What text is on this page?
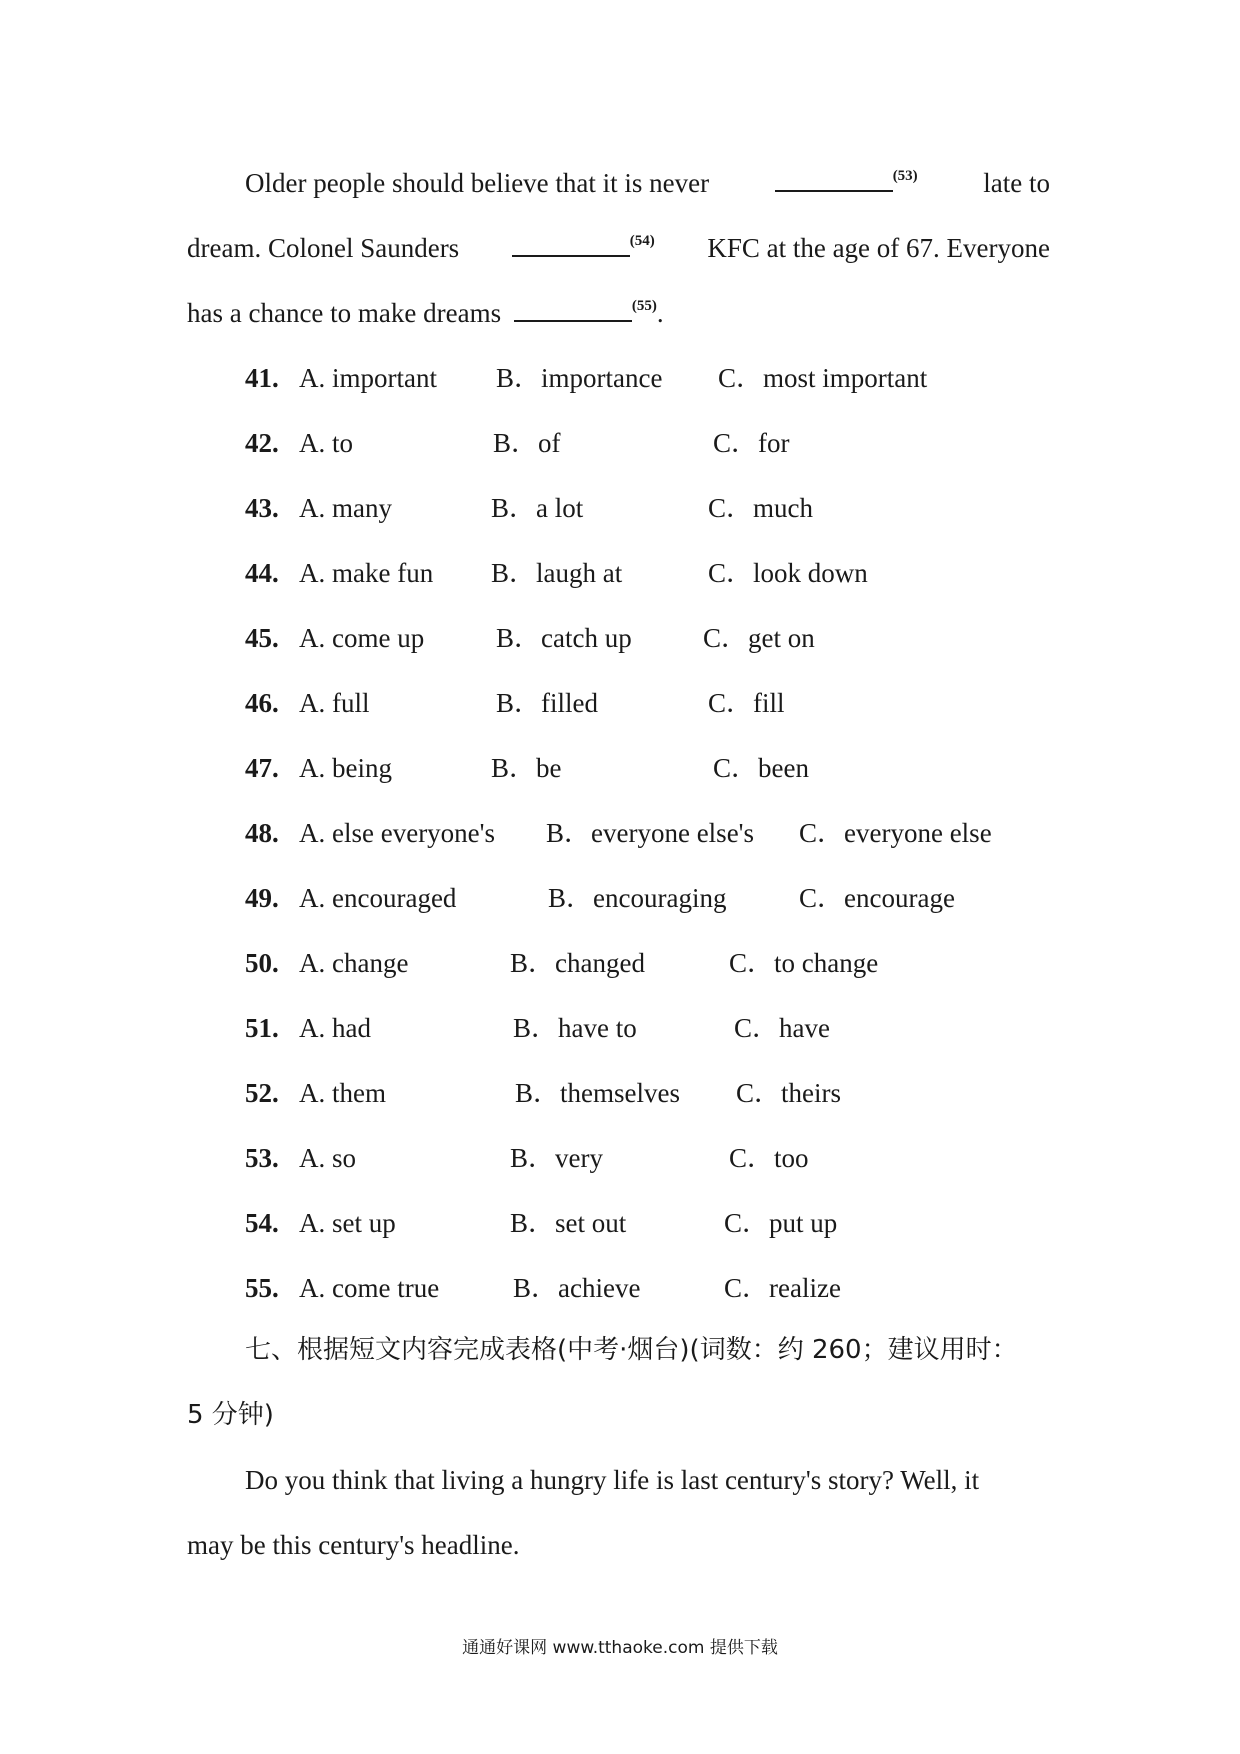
Older people should believe that it is never	$^{(53)}$ late to
dream. Colonel Saunders	$^{(54)}$ KFC at the age of 67. Everyone
has a chance to make dreams	$^{(55)}$.
41. A. important B．importance C．most important
42. A. to	B．of	C．for
43. A. many	B．a lot	C．much
44. A. make fun B．laugh at	C．look down
45. A. come up	B．catch up	C．get on
46. A. full	B．filled	C．fill
47. A. being	B．be	C．been
48. A. else everyone's B．everyone else's C．everyone else
49. A. encouraged	B．encouraging	C．encourage
50. A. change	B．changed	C．to change
51. A. had	B．have to	C．have
52. A. them	B．themselves C．theirs
53. A. so	B．very	C．too
54. A. set up	B．set out	C．put up
55. A. come true	B．achieve	C．realize
七、根据短文内容完成表格(中考·烟台)(词数：约 260；建议用时：
5 分钟)
Do you think that living a hungry life is last century's story? Well, it
may be this century's headline.
通通好课网 www.tthaoke.com 提供下载
